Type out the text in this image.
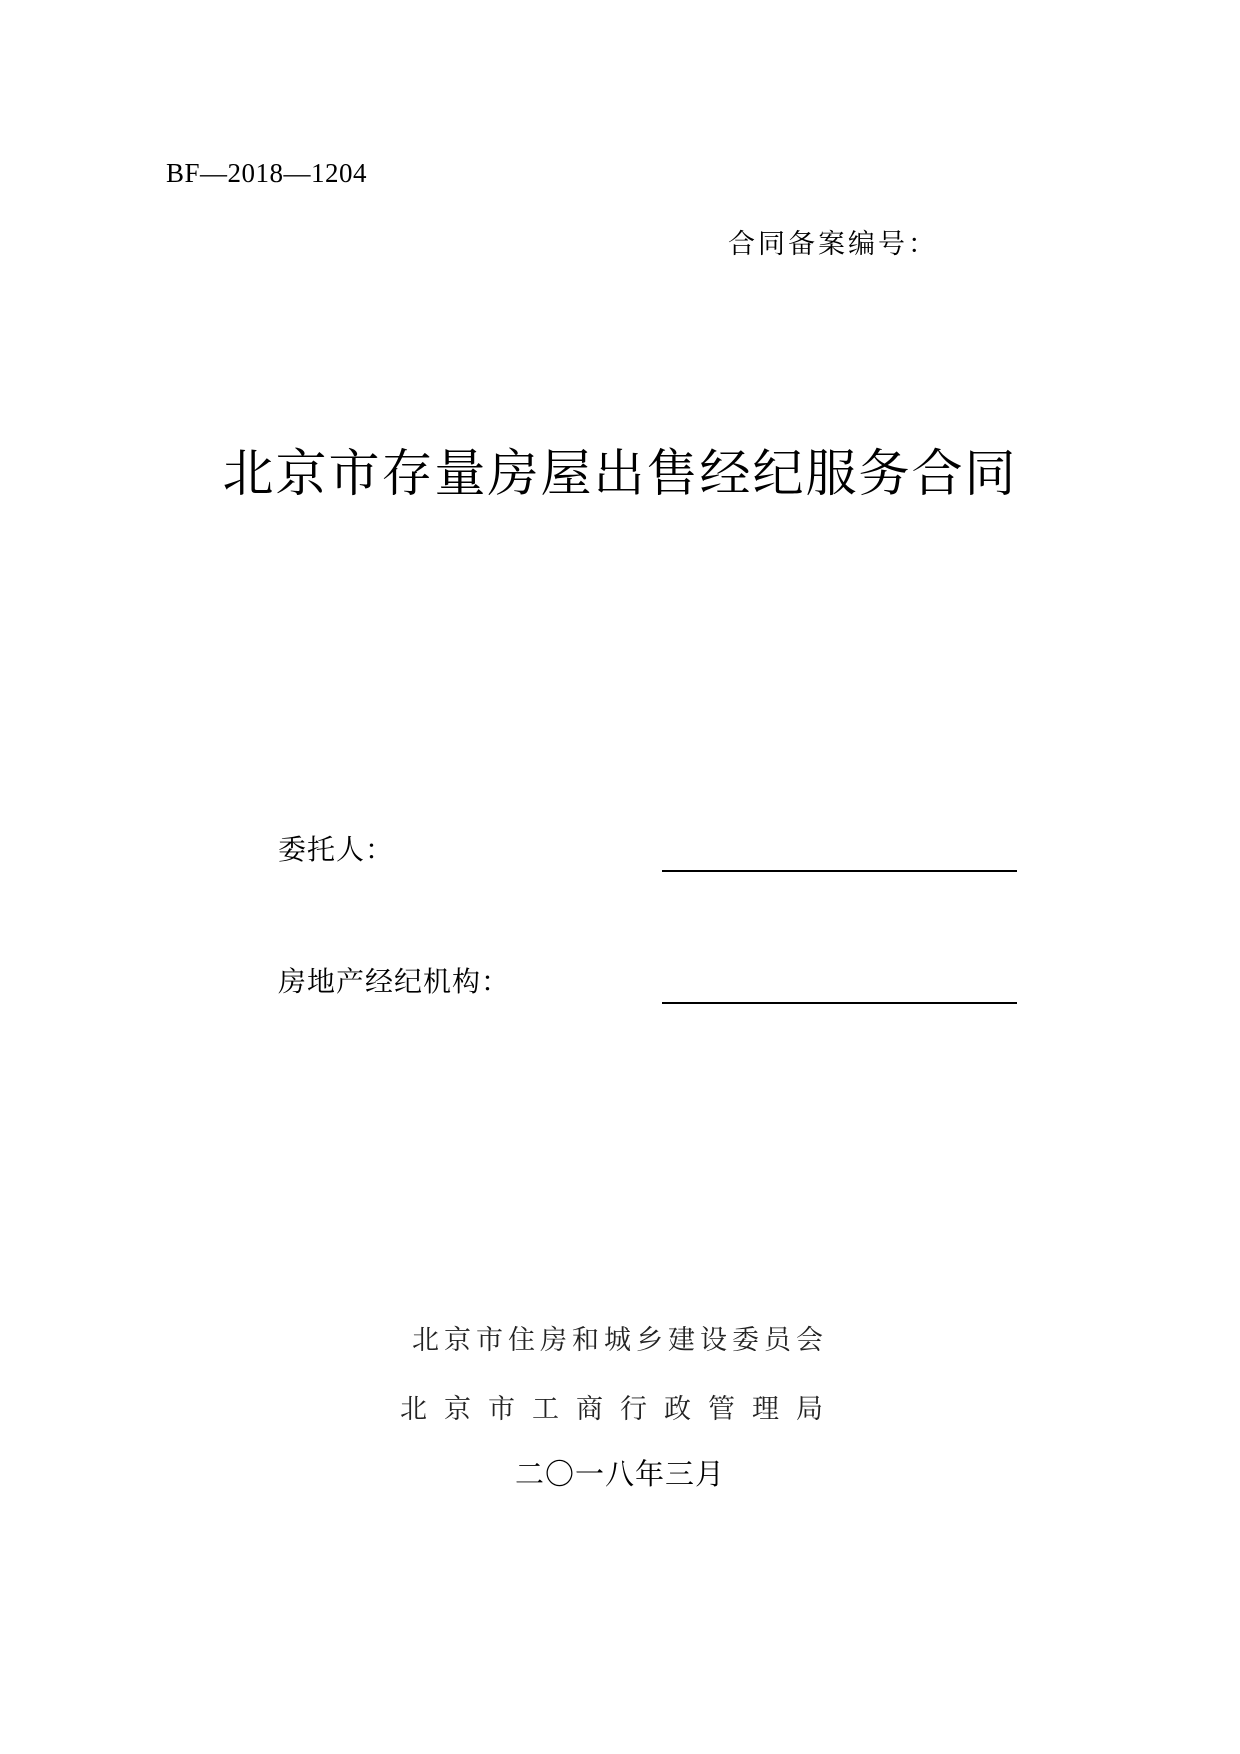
BF—2018—1204
合同备案编号：
北京市存量房屋出售经纪服务合同
委托人：
房地产经纪机构：
北京市住房和城乡建设委员会
北京市工商行政管理局
二〇一八年三月
